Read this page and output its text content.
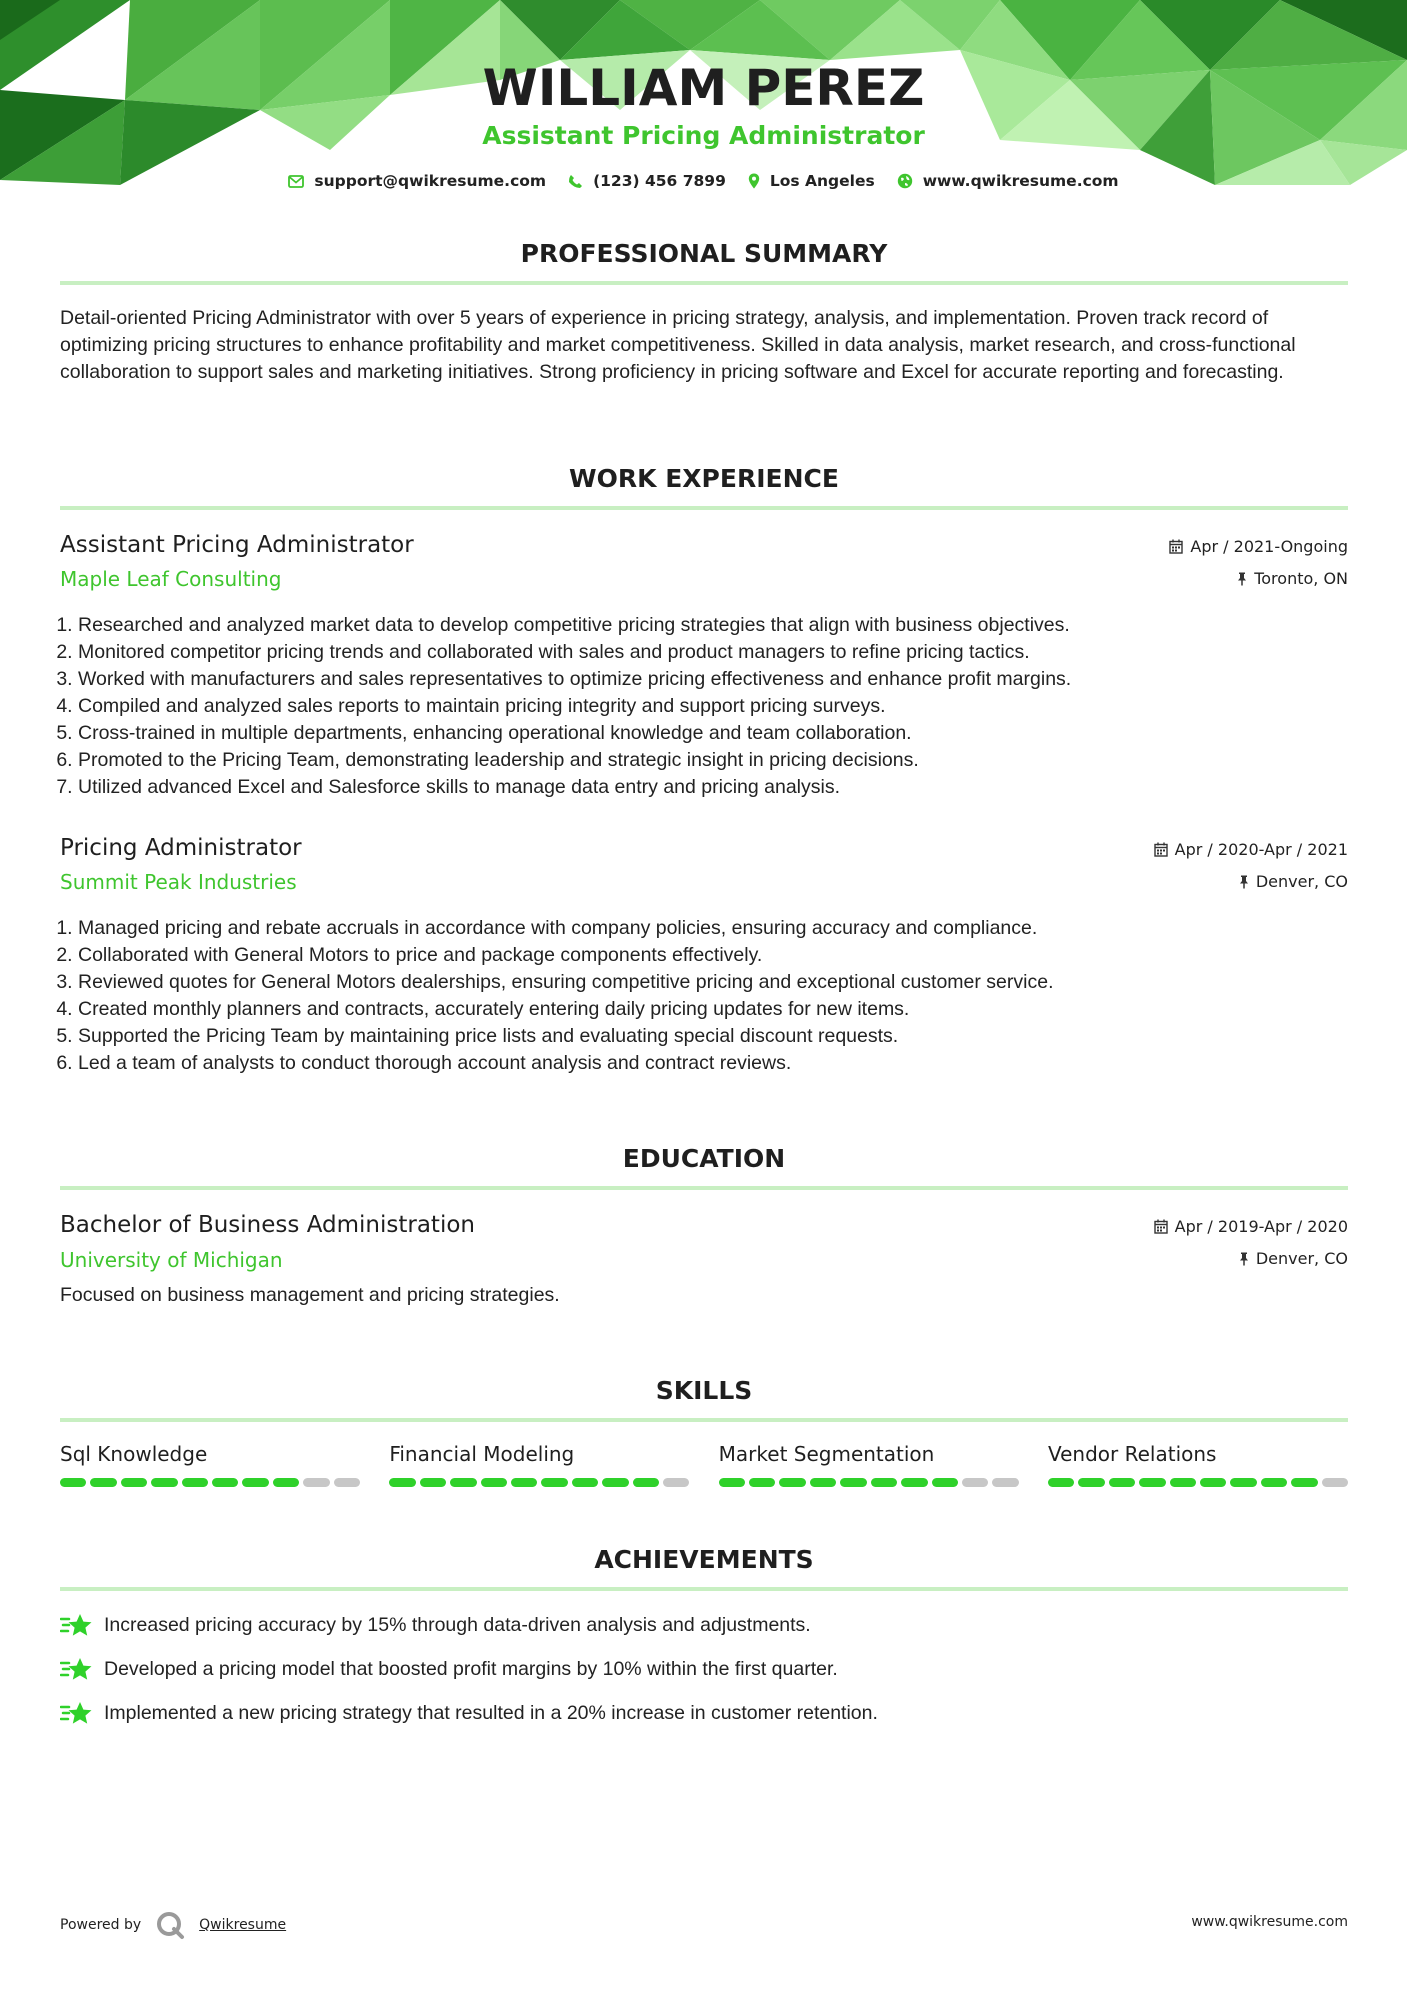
WILLIAM PEREZ
Assistant Pricing Administrator
support@qwikresume.com	(123) 456 7899	Los Angeles	www.qwikresume.com
PROFESSIONAL SUMMARY
Detail-oriented Pricing Administrator with over 5 years of experience in pricing strategy, analysis, and implementation. Proven track record of optimizing pricing structures to enhance profitability and market competitiveness. Skilled in data analysis, market research, and cross-functional collaboration to support sales and marketing initiatives. Strong proficiency in pricing software and Excel for accurate reporting and forecasting.
WORK EXPERIENCE
Assistant Pricing Administrator
Maple Leaf Consulting
Apr / 2021-Ongoing
Toronto, ON
1. Researched and analyzed market data to develop competitive pricing strategies that align with business objectives.
2. Monitored competitor pricing trends and collaborated with sales and product managers to refine pricing tactics.
3. Worked with manufacturers and sales representatives to optimize pricing effectiveness and enhance profit margins.
4. Compiled and analyzed sales reports to maintain pricing integrity and support pricing surveys.
5. Cross-trained in multiple departments, enhancing operational knowledge and team collaboration.
6. Promoted to the Pricing Team, demonstrating leadership and strategic insight in pricing decisions.
7. Utilized advanced Excel and Salesforce skills to manage data entry and pricing analysis.
Pricing Administrator
Summit Peak Industries
Apr / 2020-Apr / 2021
Denver, CO
1. Managed pricing and rebate accruals in accordance with company policies, ensuring accuracy and compliance.
2. Collaborated with General Motors to price and package components effectively.
3. Reviewed quotes for General Motors dealerships, ensuring competitive pricing and exceptional customer service.
4. Created monthly planners and contracts, accurately entering daily pricing updates for new items.
5. Supported the Pricing Team by maintaining price lists and evaluating special discount requests.
6. Led a team of analysts to conduct thorough account analysis and contract reviews.
EDUCATION
Bachelor of Business Administration
University of Michigan
Apr / 2019-Apr / 2020
Denver, CO
Focused on business management and pricing strategies.
SKILLS
Sql Knowledge	Financial Modeling	Market Segmentation	Vendor Relations
ACHIEVEMENTS
Increased pricing accuracy by 15% through data-driven analysis and adjustments.
Developed a pricing model that boosted profit margins by 10% within the first quarter.
Implemented a new pricing strategy that resulted in a 20% increase in customer retention.
Powered by	Qwikresume	www.qwikresume.com
